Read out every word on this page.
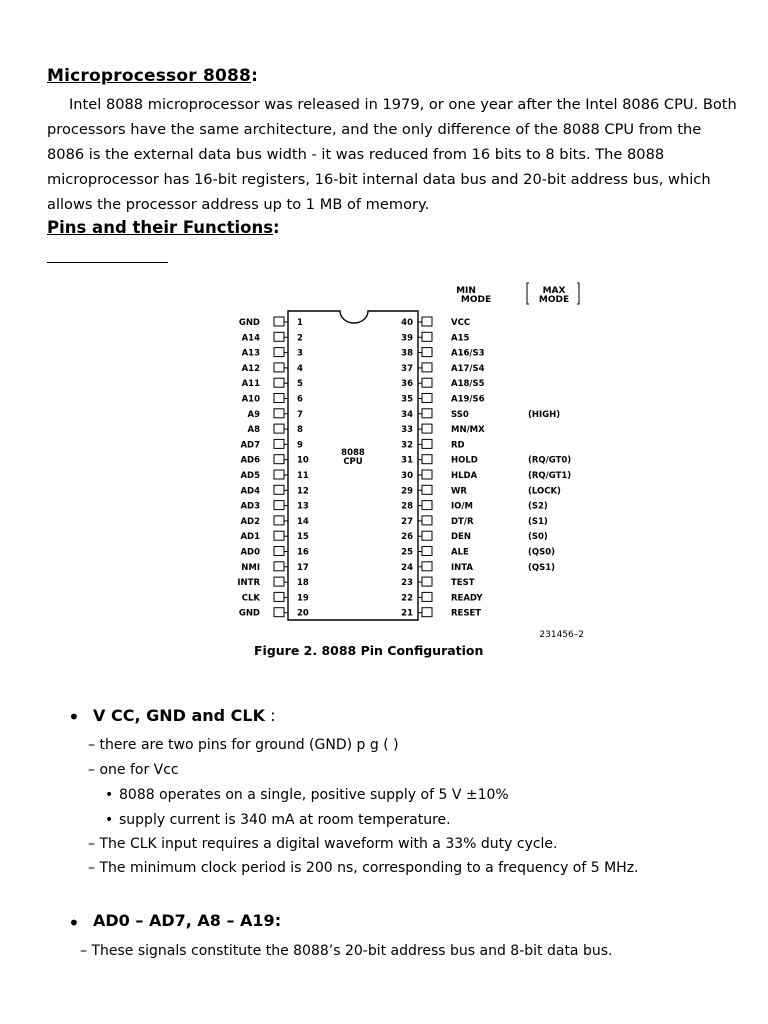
Microprocessor 8088:

Intel 8088 microprocessor was released in 1979, or one year after the Intel 8086 CPU. Both processors have the same architecture, and the only difference of the 8088 CPU from the 8086 is the external data bus width - it was reduced from 16 bits to 8 bits. The 8088 microprocessor has 16-bit registers, 16-bit internal data bus and 20-bit address bus, which allows the processor address up to 1 MB of memory.

Pins and their Functions:
MIN
MODE
MAX
MODE
8088
CPU
GND	1
A14	2
A13	3
A12	4
A11	5
A10	6
A9	7
A8	8
AD7	9
AD6	10
AD5	11
AD4	12
AD3	13
AD2	14
AD1	15
AD0	16
NMI	17
INTR	18
CLK	19
GND	20
40	VCC
39	A15
38	A16/S3
37	A17/S4
36	A18/S5
35	A19/S6
34	SS0	(HIGH)
33	MN/MX
32	RD
31	HOLD	(RQ/GT0)
30	HLDA	(RQ/GT1)
29	WR	(LOCK)
28	IO/M	(S2)
27	DT/R	(S1)
26	DEN	(S0)
25	ALE	(QS0)
24	INTA	(QS1)
23	TEST
22	READY
21	RESET
231456–2
Figure 2. 8088 Pin Configuration
• V CC, GND and CLK :
– there are two pins for ground (GND) p g ( )
– one for Vcc
• 8088 operates on a single, positive supply of 5 V ±10%
• supply current is 340 mA at room temperature.
– The CLK input requires a digital waveform with a 33% duty cycle.
– The minimum clock period is 200 ns, corresponding to a frequency of 5 MHz.
• AD0 – AD7, A8 – A19:
– These signals constitute the 8088’s 20-bit address bus and 8-bit data bus.
